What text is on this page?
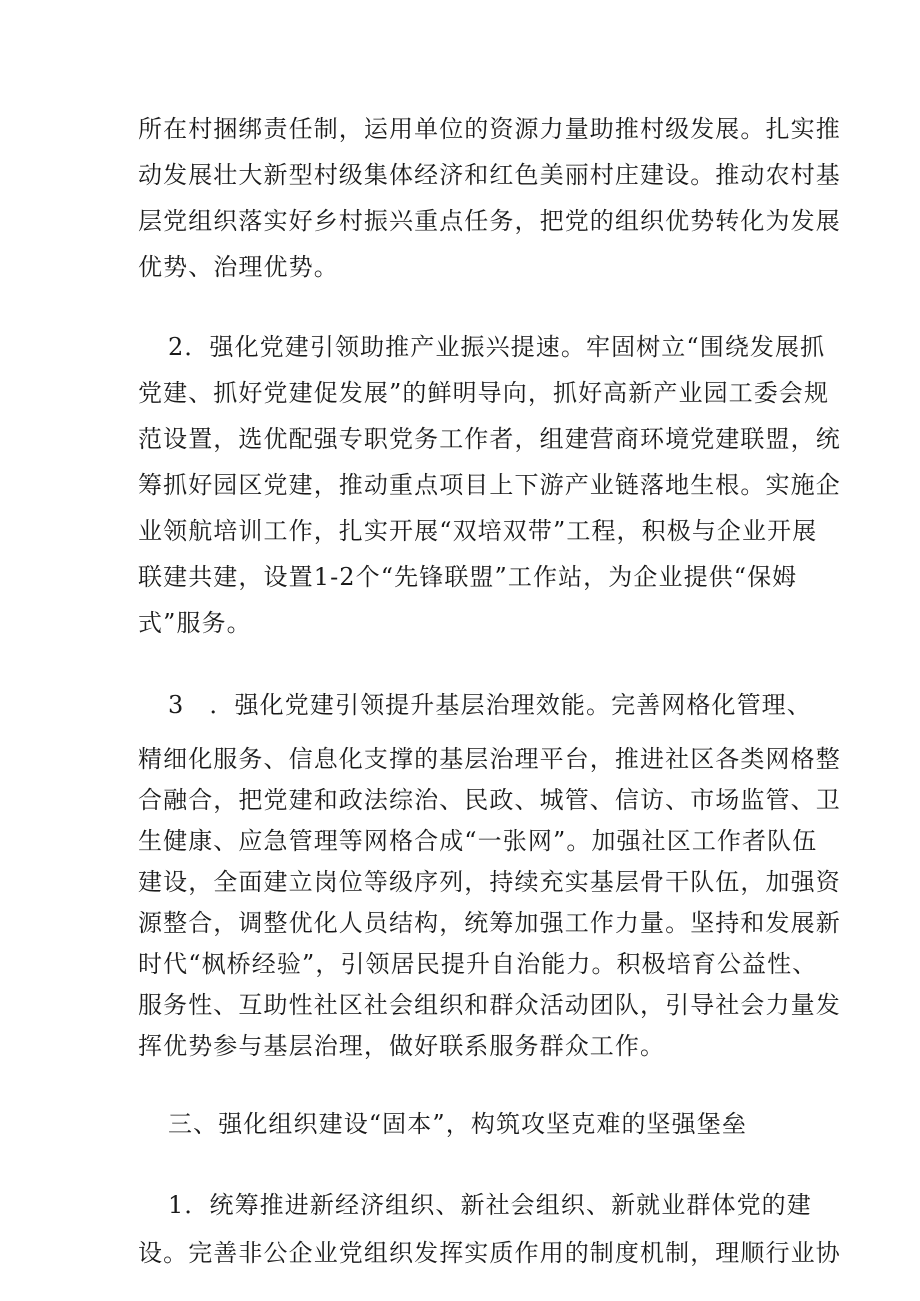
所在村捆绑责任制，运用单位的资源力量助推村级发展。扎实推
动发展壮大新型村级集体经济和红色美丽村庄建设。推动农村基
层党组织落实好乡村振兴重点任务，把党的组织优势转化为发展
优势、治理优势。
2．强化党建引领助推产业振兴提速。牢固树立“围绕发展抓
党建、抓好党建促发展”的鲜明导向，抓好高新产业园工委会规
范设置，选优配强专职党务工作者，组建营商环境党建联盟，统
筹抓好园区党建，推动重点项目上下游产业链落地生根。实施企
业领航培训工作，扎实开展“双培双带”工程，积极与企业开展
联建共建，设置1-2个“先锋联盟”工作站，为企业提供“保姆
式”服务。
3　．强化党建引领提升基层治理效能。完善网格化管理、
精细化服务、信息化支撑的基层治理平台，推进社区各类网格整
合融合，把党建和政法综治、民政、城管、信访、市场监管、卫
生健康、应急管理等网格合成“一张网”。加强社区工作者队伍
建设，全面建立岗位等级序列，持续充实基层骨干队伍，加强资
源整合，调整优化人员结构，统筹加强工作力量。坚持和发展新
时代“枫桥经验”，引领居民提升自治能力。积极培育公益性、
服务性、互助性社区社会组织和群众活动团队，引导社会力量发
挥优势参与基层治理，做好联系服务群众工作。
三、强化组织建设“固本”，构筑攻坚克难的坚强堡垒
1．统筹推进新经济组织、新社会组织、新就业群体党的建
设。完善非公企业党组织发挥实质作用的制度机制，理顺行业协
